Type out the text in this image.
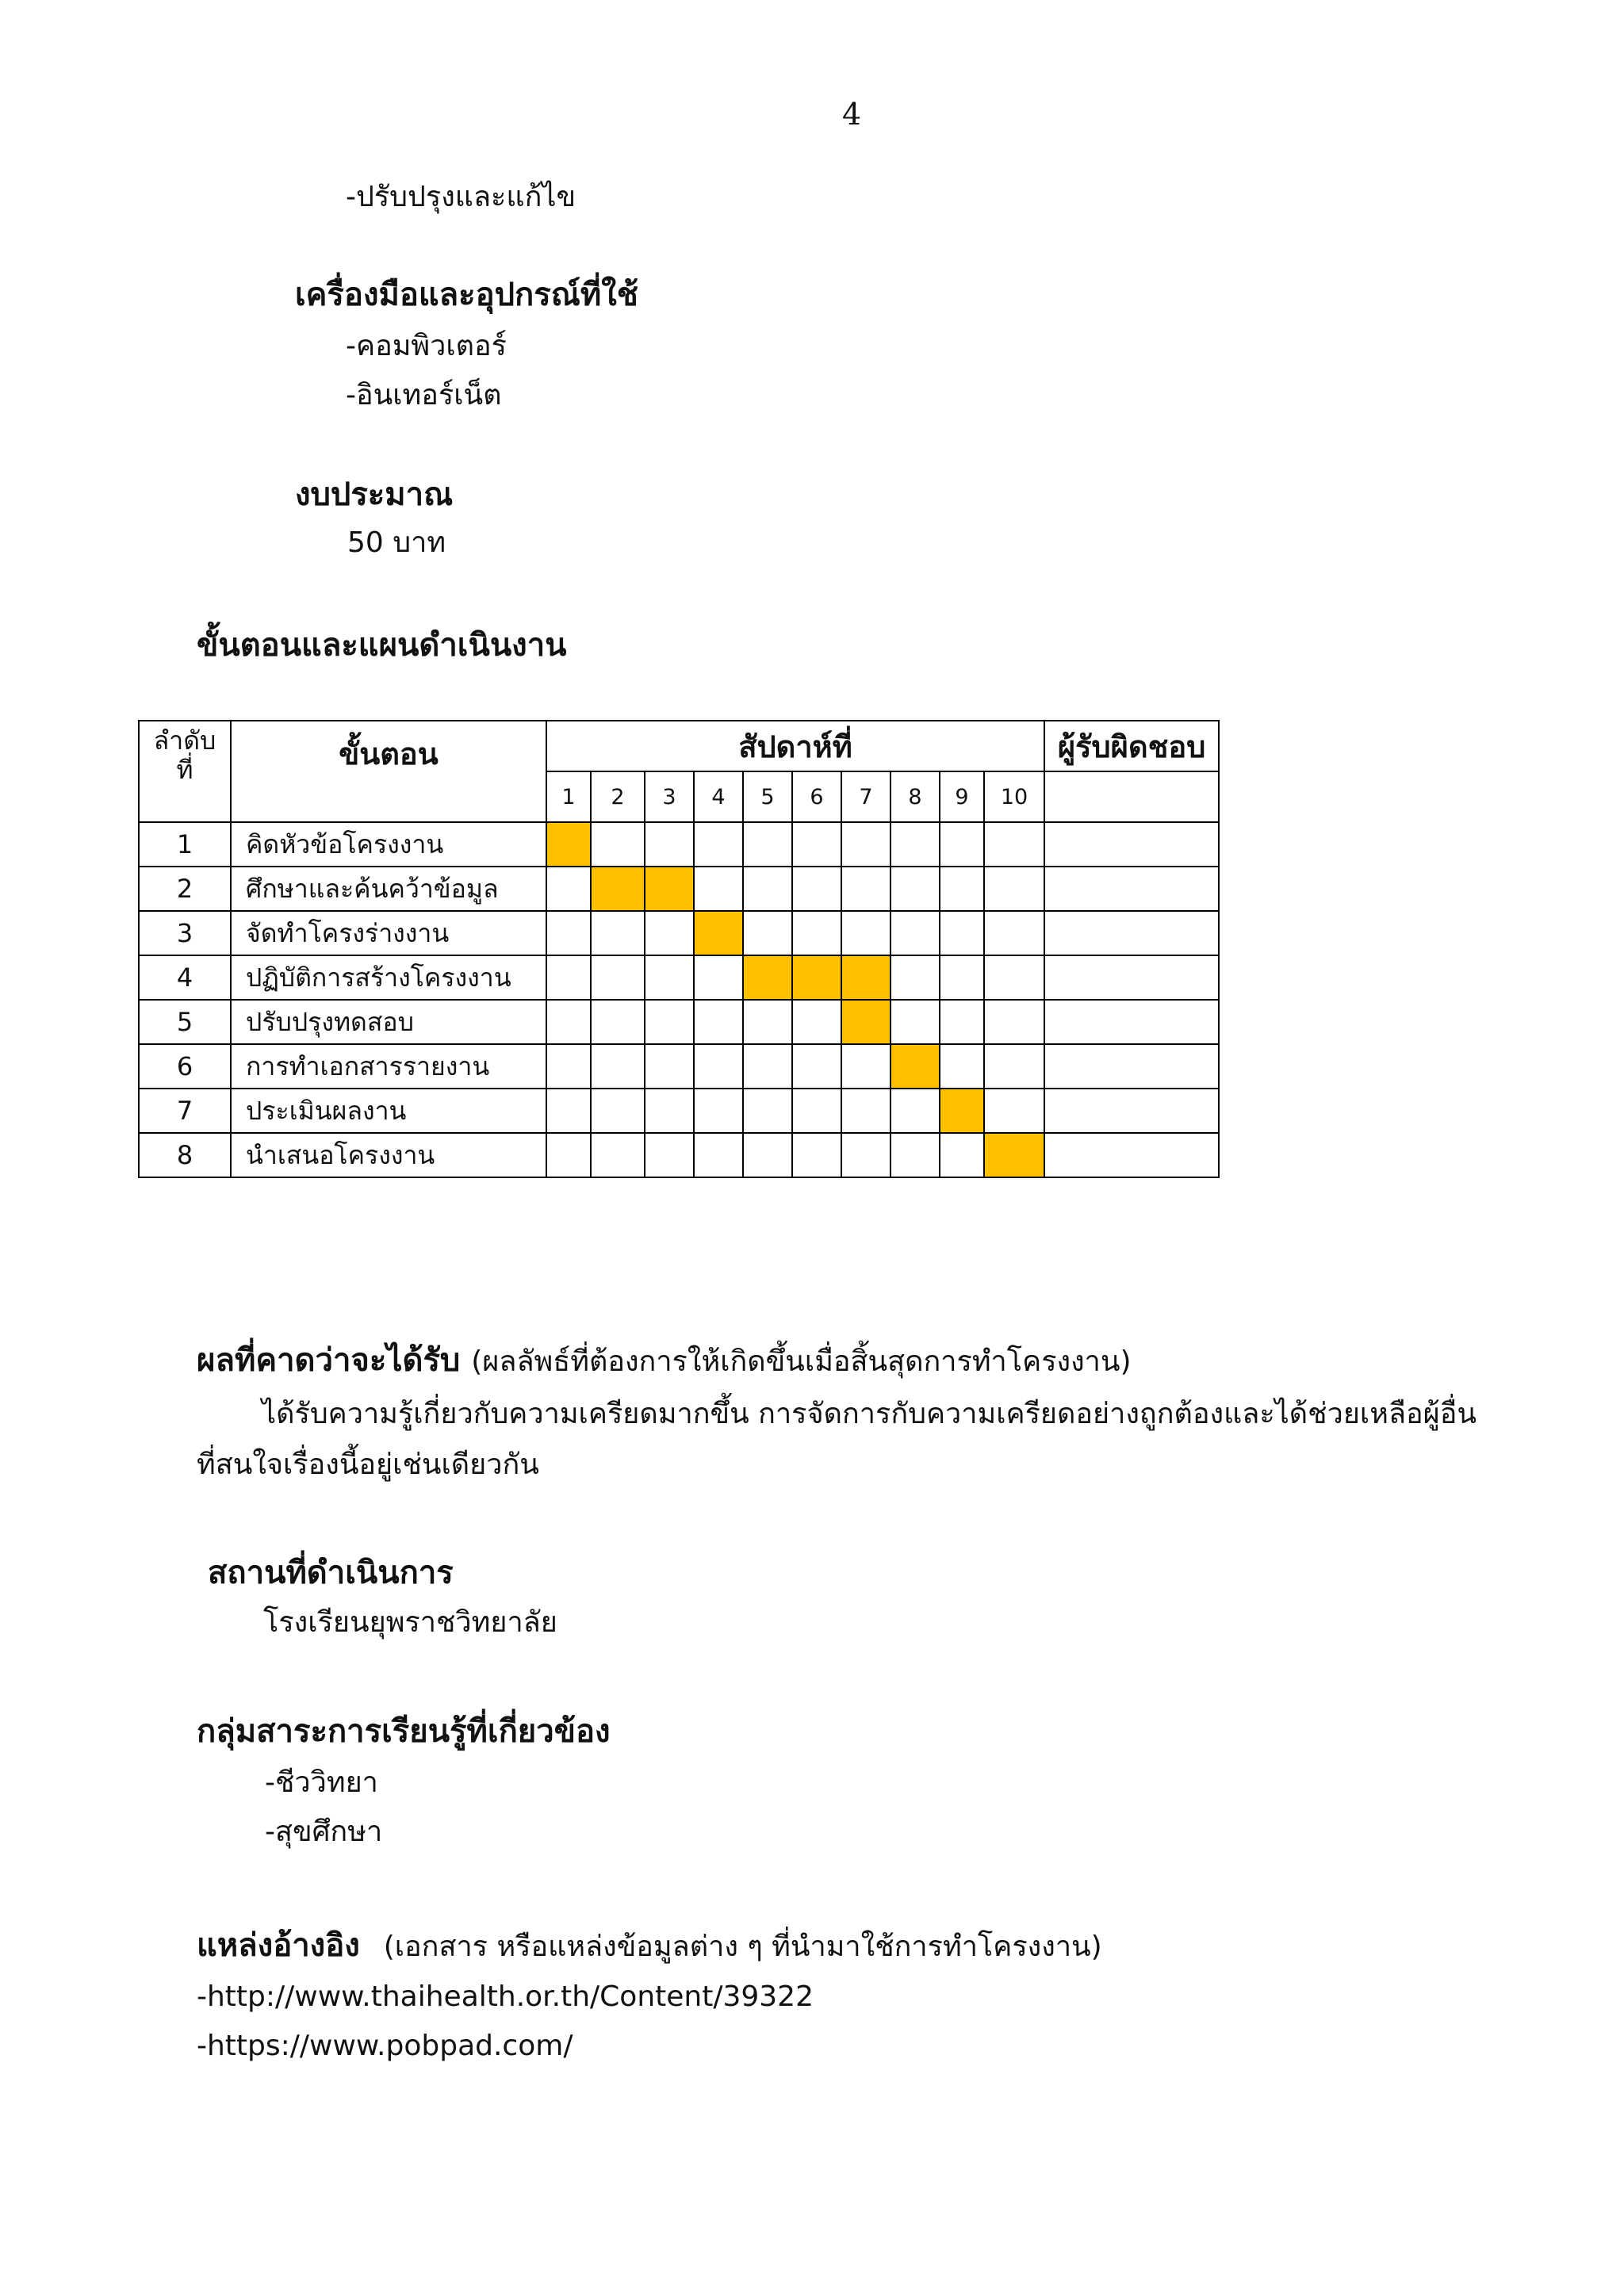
4
-ปรับปรุงและแก้ไข
เครื่องมือและอุปกรณ์ที่ใช้
-คอมพิวเตอร์
-อินเทอร์เน็ต
งบประมาณ
50 บาท
ขั้นตอนและแผนดำเนินงาน
ลำดับ
ที่	ขั้นตอน	สัปดาห์ที่										ผู้รับผิดชอบ
		1	2	3	4	5	6	7	8	9	10	
1	คิดหัวข้อโครงงาน											
2	ศึกษาและค้นคว้าข้อมูล											
3	จัดทำโครงร่างงาน											
4	ปฏิบัติการสร้างโครงงาน											
5	ปรับปรุงทดสอบ											
6	การทำเอกสารรายงาน											
7	ประเมินผลงาน											
8	นำเสนอโครงงาน											
ผลที่คาดว่าจะได้รับ (ผลลัพธ์ที่ต้องการให้เกิดขึ้นเมื่อสิ้นสุดการทำโครงงาน)

ได้รับความรู้เกี่ยวกับความเครียดมากขึ้น การจัดการกับความเครียดอย่างถูกต้องและได้ช่วยเหลือผู้อื่นที่สนใจเรื่องนี้อยู่เช่นเดียวกัน

สถานที่ดำเนินการ
โรงเรียนยุพราชวิทยาลัย
กลุ่มสาระการเรียนรู้ที่เกี่ยวข้อง
-ชีววิทยา
-สุขศึกษา
แหล่งอ้างอิง (เอกสาร หรือแหล่งข้อมูลต่าง ๆ ที่นำมาใช้การทำโครงงาน)
-http://www.thaihealth.or.th/Content/39322
-https://www.pobpad.com/
